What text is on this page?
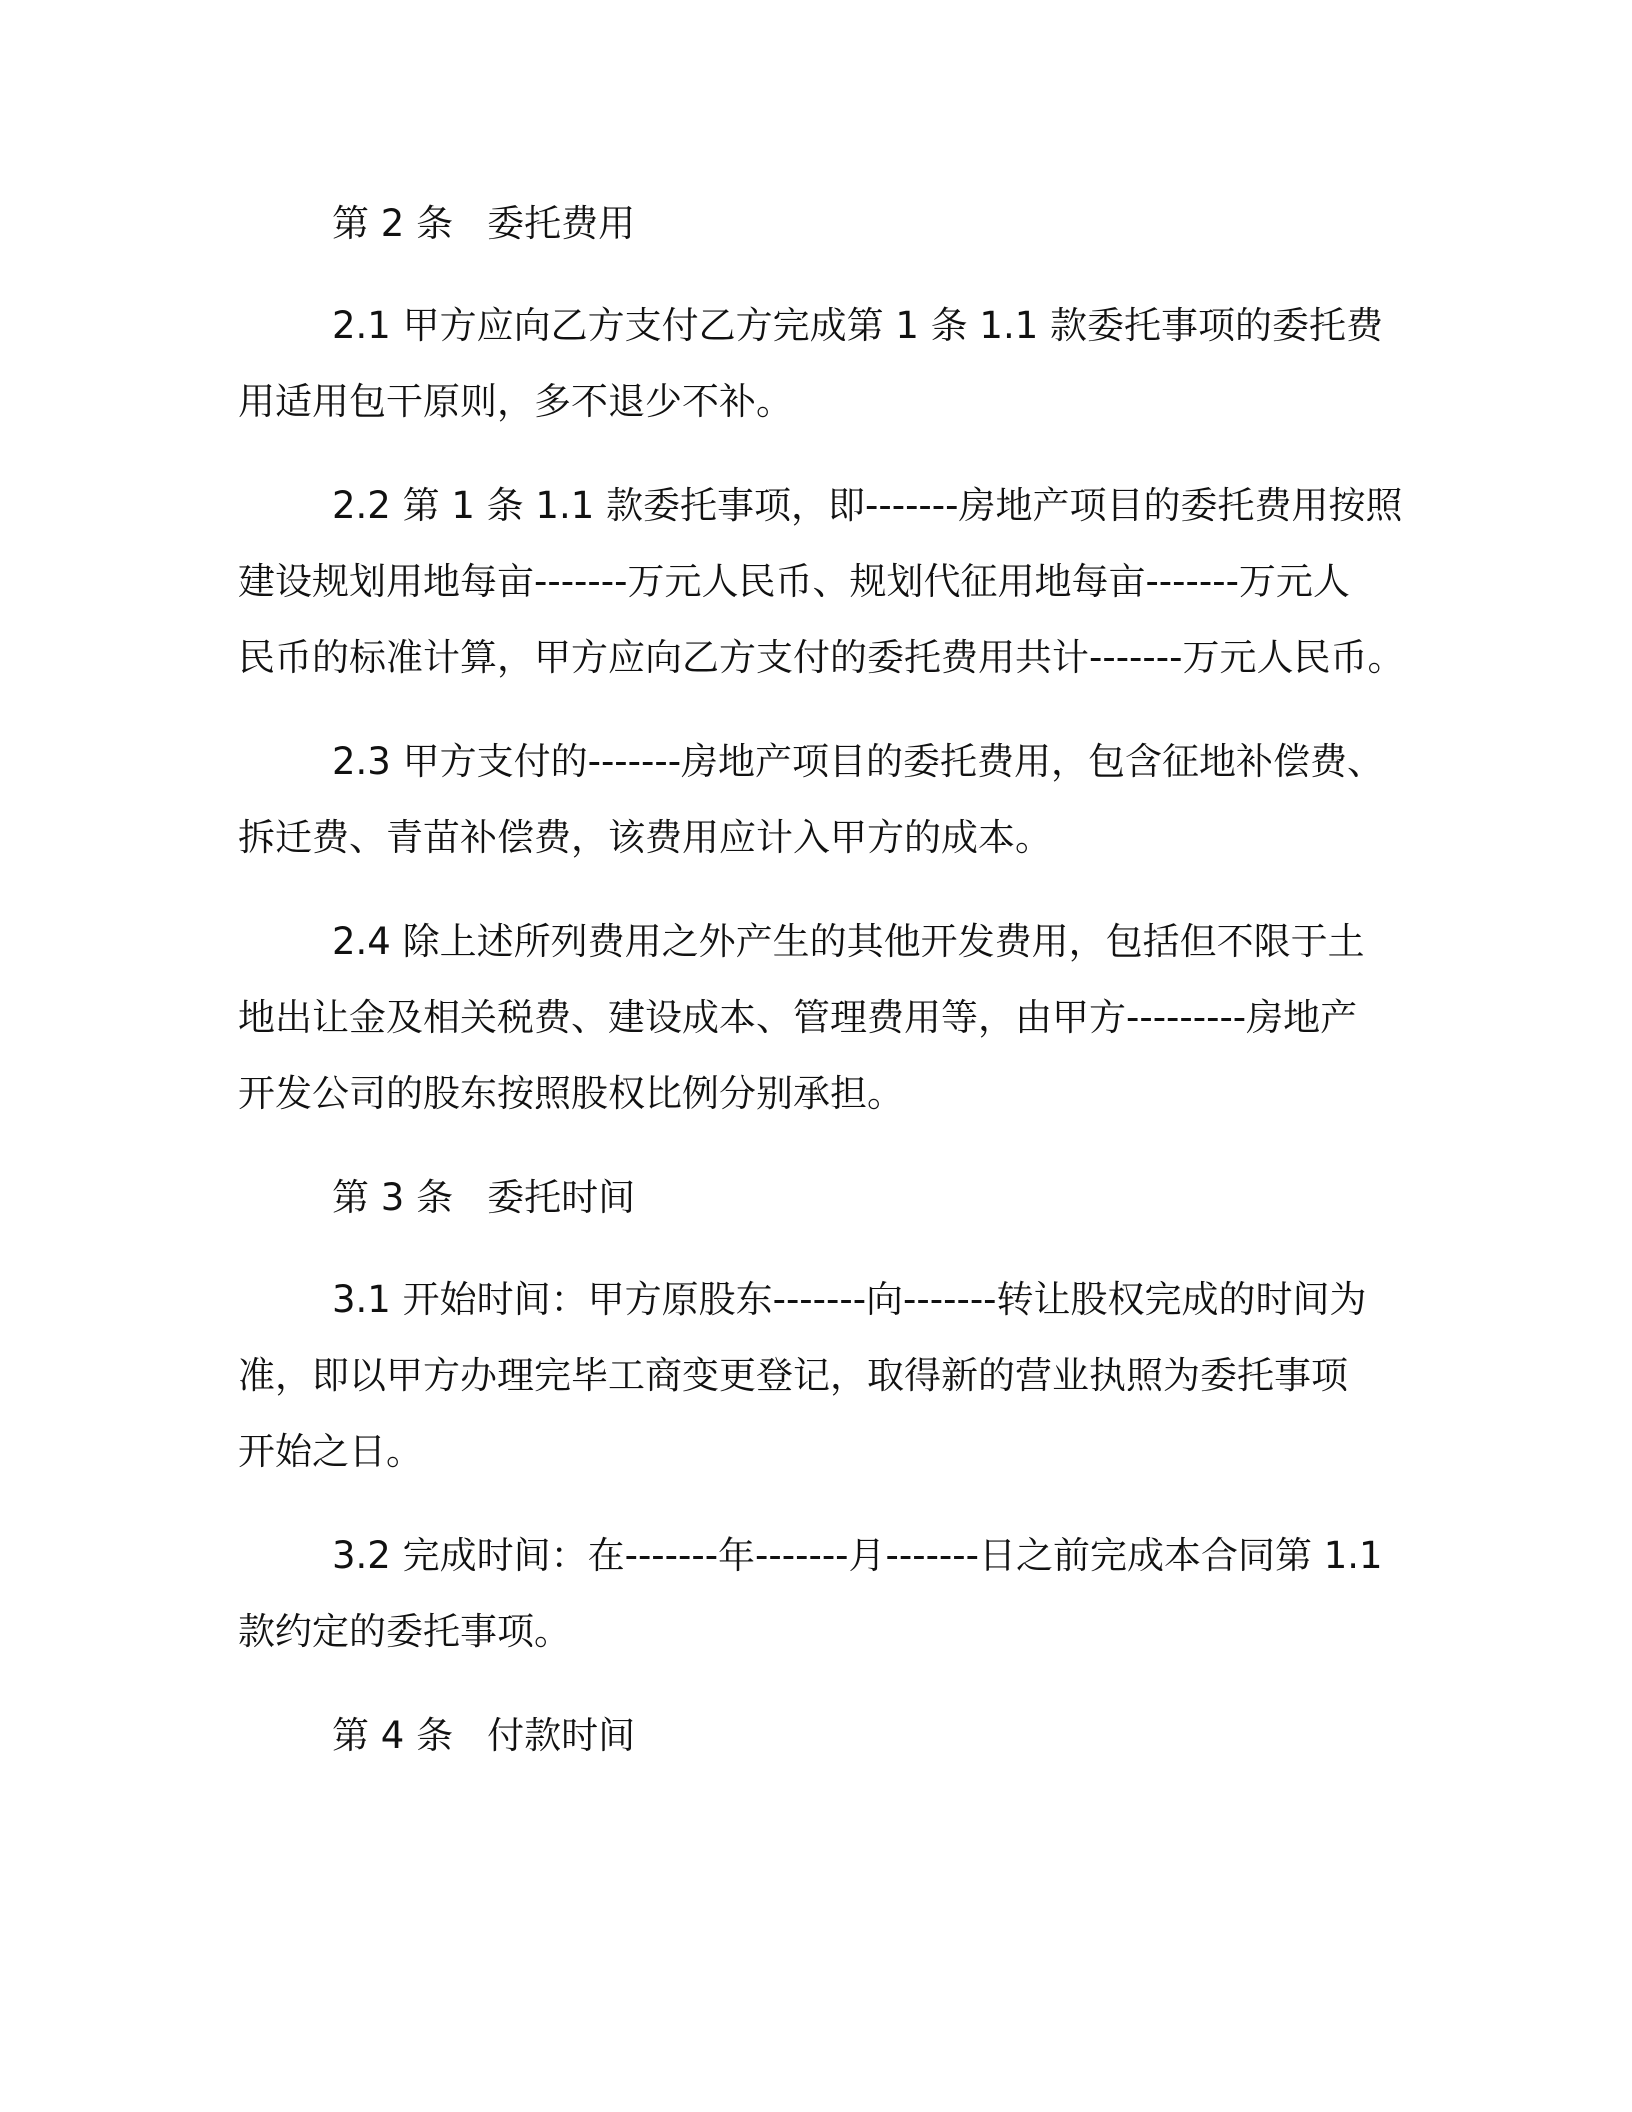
第 2 条 委托费用
2.1 甲方应向乙方支付乙方完成第 1 条 1.1 款委托事项的委托费
用适用包干原则，多不退少不补。
2.2 第 1 条 1.1 款委托事项，即-------房地产项目的委托费用按照
建设规划用地每亩-------万元人民币、规划代征用地每亩-------万元人
民币的标准计算，甲方应向乙方支付的委托费用共计-------万元人民币。
2.3 甲方支付的-------房地产项目的委托费用，包含征地补偿费、
拆迁费、青苗补偿费，该费用应计入甲方的成本。
2.4 除上述所列费用之外产生的其他开发费用，包括但不限于土
地出让金及相关税费、建设成本、管理费用等，由甲方---------房地产
开发公司的股东按照股权比例分别承担。
第 3 条 委托时间
3.1 开始时间：甲方原股东-------向-------转让股权完成的时间为
准，即以甲方办理完毕工商变更登记，取得新的营业执照为委托事项
开始之日。
3.2 完成时间：在-------年-------月-------日之前完成本合同第 1.1
款约定的委托事项。
第 4 条 付款时间
